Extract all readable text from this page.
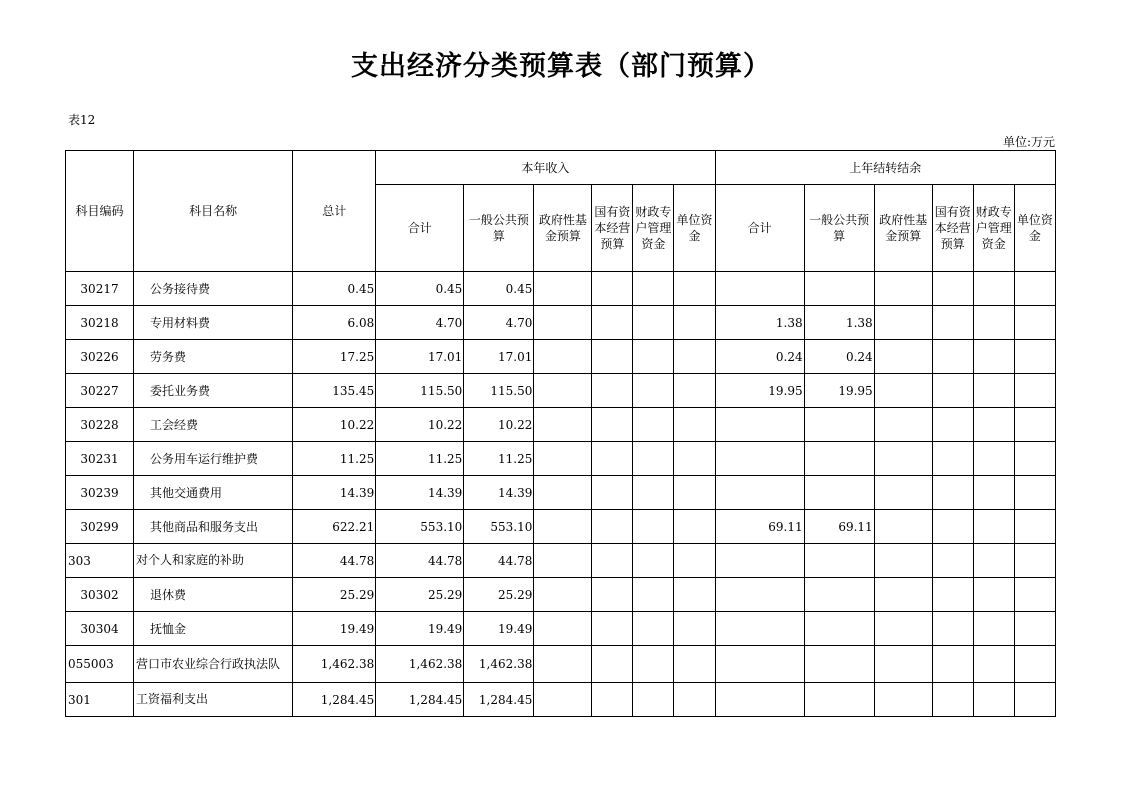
支出经济分类预算表（部门预算）
表12
单位:万元
科目编码	科目名称	总计	本年收入						上年结转结余					
			合计	一般公共预算	政府性基金预算	国有资本经营预算	财政专户管理资金	单位资金	合计	一般公共预算	政府性基金预算	国有资本经营预算	财政专户管理资金	单位资金
30217	公务接待费	0.45	0.45	0.45										
30218	专用材料费	6.08	4.70	4.70					1.38	1.38				
30226	劳务费	17.25	17.01	17.01					0.24	0.24				
30227	委托业务费	135.45	115.50	115.50					19.95	19.95				
30228	工会经费	10.22	10.22	10.22										
30231	公务用车运行维护费	11.25	11.25	11.25										
30239	其他交通费用	14.39	14.39	14.39										
30299	其他商品和服务支出	622.21	553.10	553.10					69.11	69.11				
303	对个人和家庭的补助	44.78	44.78	44.78										
30302	退休费	25.29	25.29	25.29										
30304	抚恤金	19.49	19.49	19.49										
055003	营口市农业综合行政执法队	1,462.38	1,462.38	1,462.38										
301	工资福利支出	1,284.45	1,284.45	1,284.45										
